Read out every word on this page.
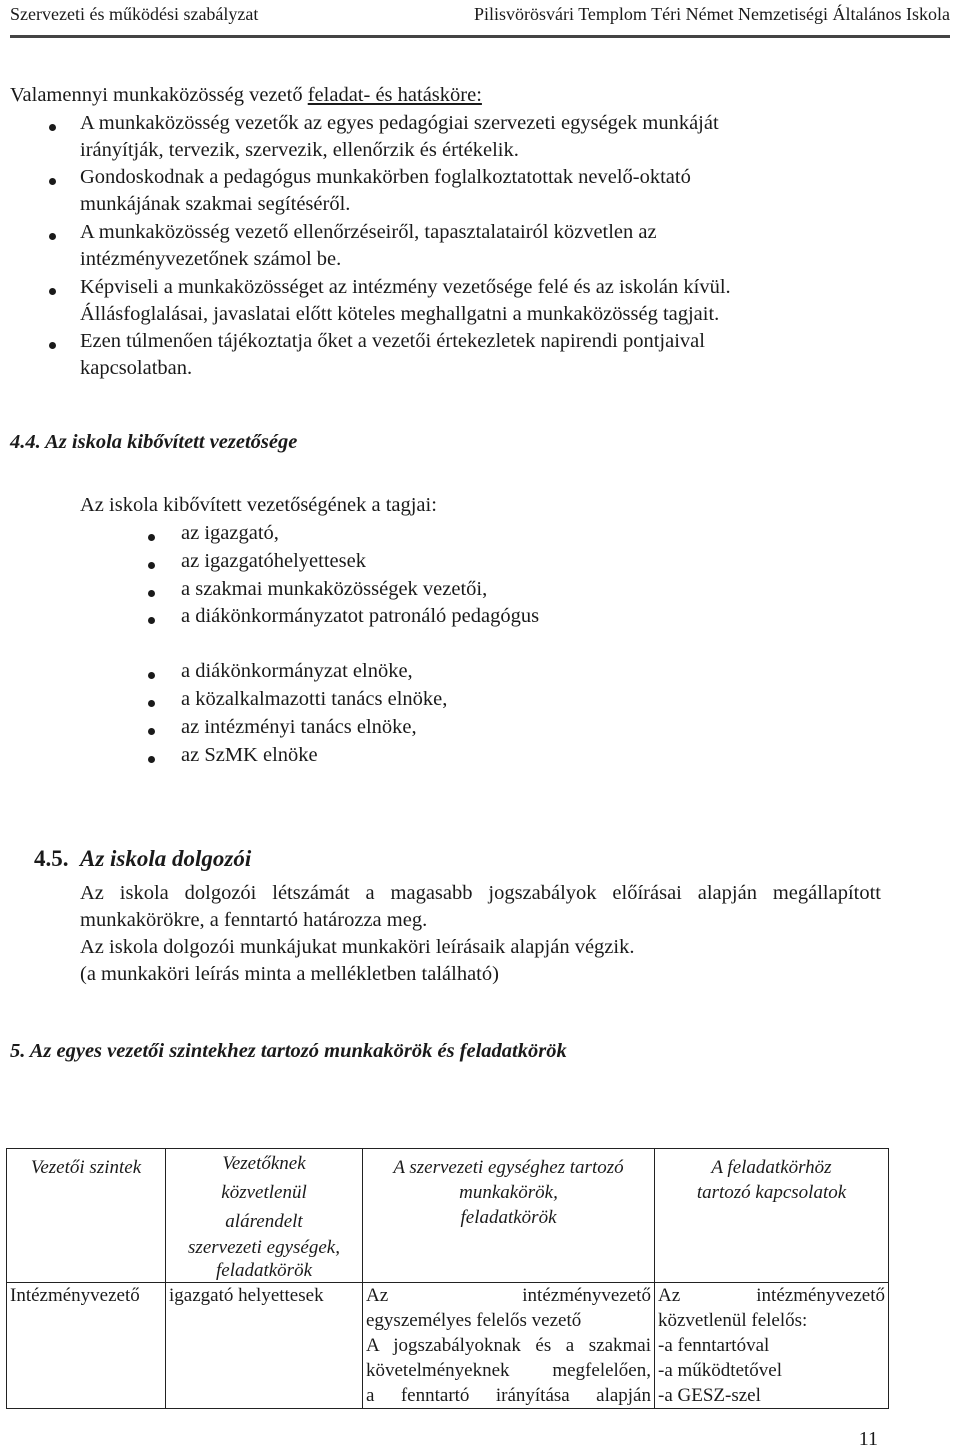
Szervezeti és működési szabályzat	Pilisvörösvári Templom Téri Német Nemzetiségi Általános Iskola
Valamennyi munkaközösség vezető feladat- és hatásköre:
A munkaközösség vezetők az egyes pedagógiai szervezeti egységek munkáját
irányítják, tervezik, szervezik, ellenőrzik és értékelik.
Gondoskodnak a pedagógus munkakörben foglalkoztatottak nevelő-oktató
munkájának szakmai segítéséről.
A munkaközösség vezető ellenőrzéseiről, tapasztalatairól közvetlen az
intézményvezetőnek számol be.
Képviseli a munkaközösséget az intézmény vezetősége felé és az iskolán kívül.
Állásfoglalásai, javaslatai előtt köteles meghallgatni a munkaközösség tagjait.
Ezen túlmenően tájékoztatja őket a vezetői értekezletek napirendi pontjaival
kapcsolatban.
4.4. Az iskola kibővített vezetősége
Az iskola kibővített vezetőségének a tagjai:
az igazgató,
az igazgatóhelyettesek
a szakmai munkaközösségek vezetői,
a diákönkormányzatot patronáló pedagógus
a diákönkormányzat elnöke,
a közalkalmazotti tanács elnöke,
az intézményi tanács elnöke,
az SzMK elnöke
4.5. Az iskola dolgozói
Az iskola dolgozói létszámát a magasabb jogszabályok előírásai alapján megállapított
munkakörökre, a fenntartó határozza meg.
Az iskola dolgozói munkájukat munkaköri leírásaik alapján végzik.
(a munkaköri leírás minta a mellékletben található)
5. Az egyes vezetői szintekhez tartozó munkakörök és feladatkörök
Vezetői szintek	Vezetőknek
közvetlenül
alárendelt
szervezeti egységek,
feladatkörök	A szervezeti egységhez tartozó
munkakörök,
feladatkörök	A feladatkörhöz
tartozó kapcsolatok

Intézményvezető	igazgató helyettesek	Az intézményvezető
egyszemélyes felelős vezető
A jogszabályoknak és a szakmai
követelményeknek megfelelően,
a fenntartó irányítása alapján	Az intézményvezető
közvetlenül felelős:
-a fenntartóval
-a működtetővel
-a GESZ-szel
11
